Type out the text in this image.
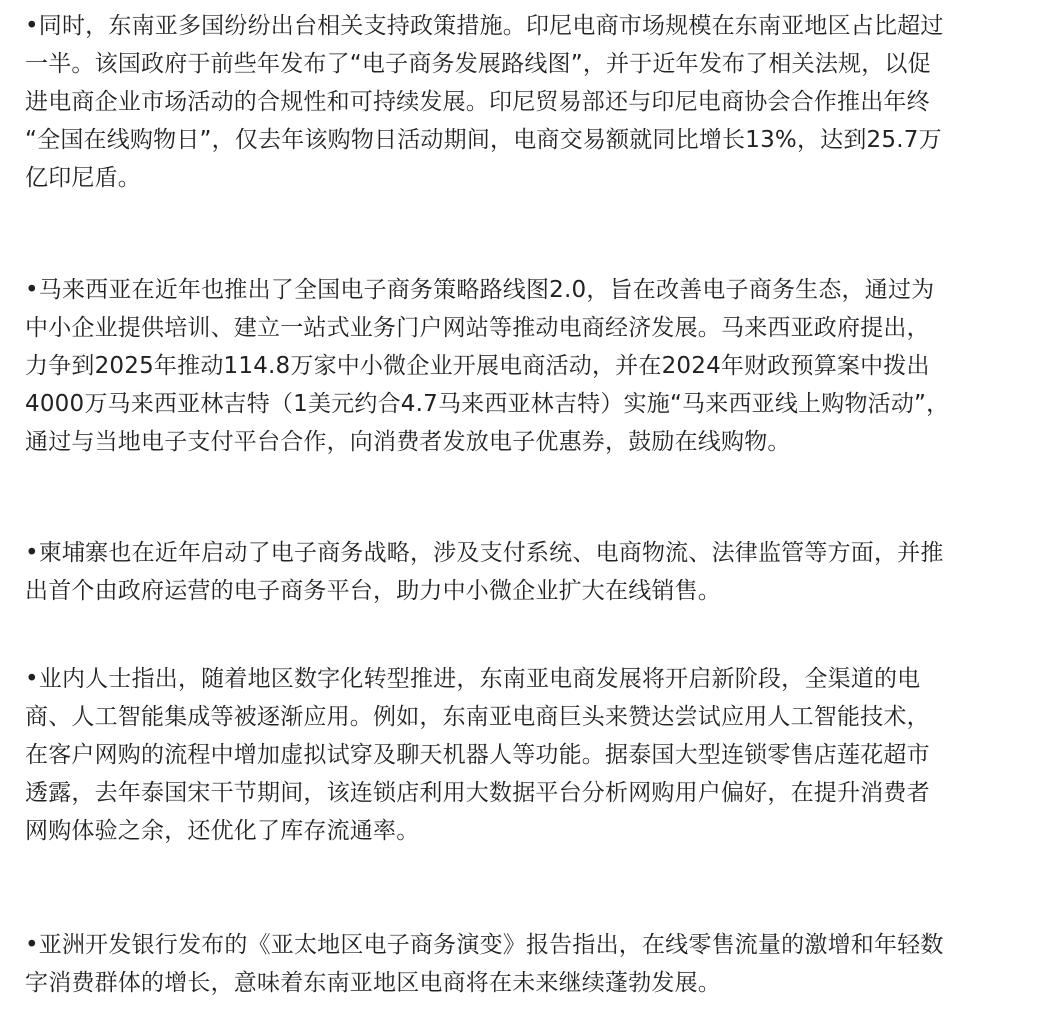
•同时，东南亚多国纷纷出台相关支持政策措施。印尼电商市场规模在东南亚地区占比超过
一半。该国政府于前些年发布了“电子商务发展路线图”，并于近年发布了相关法规，以促
进电商企业市场活动的合规性和可持续发展。印尼贸易部还与印尼电商协会合作推出年终
“全国在线购物日”，仅去年该购物日活动期间，电商交易额就同比增长13%，达到25.7万
亿印尼盾。

•马来西亚在近年也推出了全国电子商务策略路线图2.0，旨在改善电子商务生态，通过为
中小企业提供培训、建立一站式业务门户网站等推动电商经济发展。马来西亚政府提出，
力争到2025年推动114.8万家中小微企业开展电商活动，并在2024年财政预算案中拨出
4000万马来西亚林吉特（1美元约合4.7马来西亚林吉特）实施“马来西亚线上购物活动”，
通过与当地电子支付平台合作，向消费者发放电子优惠券，鼓励在线购物。

•柬埔寨也在近年启动了电子商务战略，涉及支付系统、电商物流、法律监管等方面，并推
出首个由政府运营的电子商务平台，助力中小微企业扩大在线销售。

•业内人士指出，随着地区数字化转型推进，东南亚电商发展将开启新阶段，全渠道的电
商、人工智能集成等被逐渐应用。例如，东南亚电商巨头来赞达尝试应用人工智能技术，
在客户网购的流程中增加虚拟试穿及聊天机器人等功能。据泰国大型连锁零售店莲花超市
透露，去年泰国宋干节期间，该连锁店利用大数据平台分析网购用户偏好，在提升消费者
网购体验之余，还优化了库存流通率。

•亚洲开发银行发布的《亚太地区电子商务演变》报告指出，在线零售流量的激增和年轻数
字消费群体的增长，意味着东南亚地区电商将在未来继续蓬勃发展。
